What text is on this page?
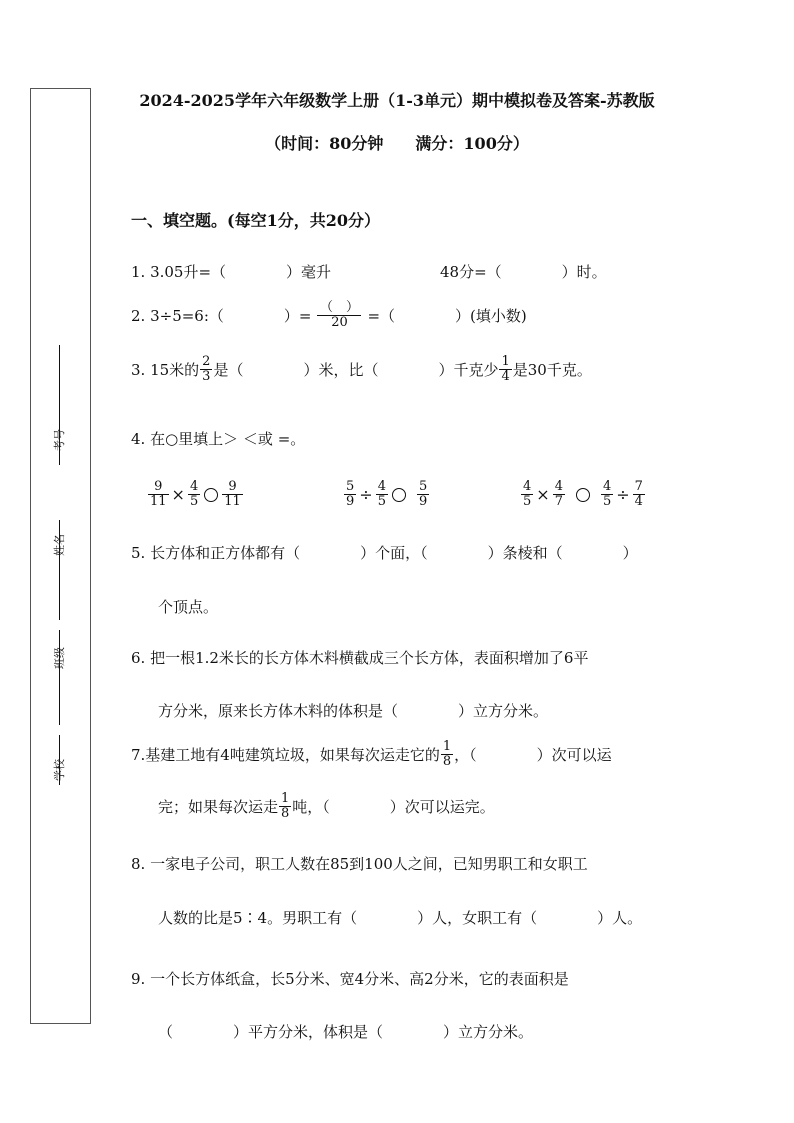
考号
姓名
班级
学校
2024-2025学年六年级数学上册（1-3单元）期中模拟卷及答案-苏教版
（时间：80分钟　　满分：100分）
一、填空题。(每空1分，共20分）
1. 3.05升=（　　　　）毫升	48分=（　　　　）时。
2. 3÷5=6:（　　　　）= $\frac{( )}{20}$ =（　　　　）(填小数)
3. 15米的 $\frac{2}{3}$ 是（　　　　）米，比（　　　　）千克少 $\frac{1}{4}$ 是30千克。
4. 在○里填上＞ ＜或 =。
$\frac{9}{11} \times \frac{4}{5} \frac{9}{11}$	$\frac{5}{9} \div \frac{4}{5} \frac{5}{9}$	$\frac{4}{5} \times \frac{4}{7}$	$\frac{4}{5} \div \frac{7}{4}$
5. 长方体和正方体都有（　　　　）个面，（　　　　）条棱和（　　　　）
个顶点。
6. 把一根1.2米长的长方体木料横截成三个长方体，表面积增加了6平
方分米，原来长方体木料的体积是（　　　　）立方分米。
7.基建工地有4吨建筑垃圾，如果每次运走它的 $\frac{1}{8}$ ，（　　　　）次可以运
完；如果每次运走 $\frac{1}{8}$ 吨，（　　　　）次可以运完。
8. 一家电子公司，职工人数在85到100人之间，已知男职工和女职工
人数的比是5∶4。男职工有（　　　　）人，女职工有（　　　　）人。
9. 一个长方体纸盒，长5分米、宽4分米、高2分米，它的表面积是
（　　　　）平方分米，体积是（　　　　）立方分米。
